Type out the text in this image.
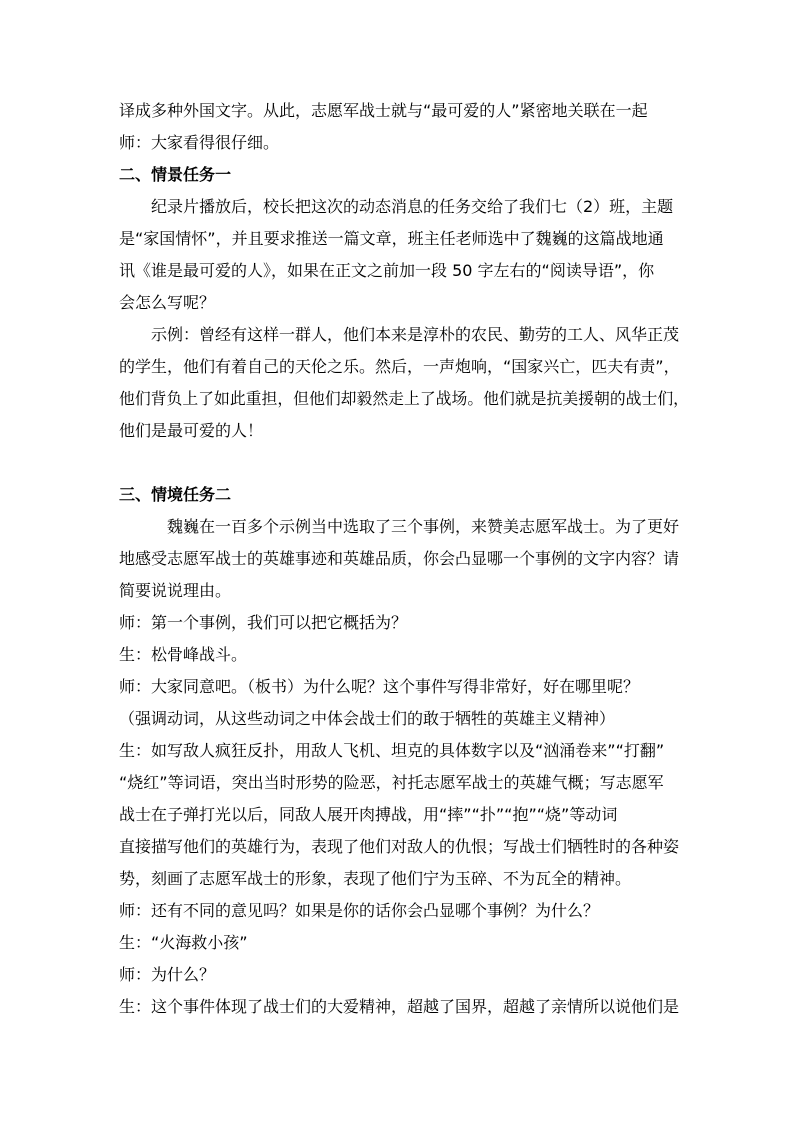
译成多种外国文字。从此，志愿军战士就与“最可爱的人”紧密地关联在一起
师：大家看得很仔细。
二、情景任务一
纪录片播放后，校长把这次的动态消息的任务交给了我们七（2）班，主题
是“家国情怀”，并且要求推送一篇文章，班主任老师选中了魏巍的这篇战地通
讯《谁是最可爱的人》，如果在正文之前加一段 50 字左右的“阅读导语”，你
会怎么写呢？
示例：曾经有这样一群人，他们本来是淳朴的农民、勤劳的工人、风华正茂
的学生，他们有着自己的天伦之乐。然后，一声炮响，“国家兴亡，匹夫有责”，
他们背负上了如此重担，但他们却毅然走上了战场。他们就是抗美援朝的战士们，
他们是最可爱的人！
三、情境任务二
魏巍在一百多个示例当中选取了三个事例，来赞美志愿军战士。为了更好
地感受志愿军战士的英雄事迹和英雄品质，你会凸显哪一个事例的文字内容？请
简要说说理由。
师：第一个事例，我们可以把它概括为？
生：松骨峰战斗。
师：大家同意吧。（板书）为什么呢？这个事件写得非常好，好在哪里呢？
（强调动词，从这些动词之中体会战士们的敢于牺牲的英雄主义精神）
生：如写敌人疯狂反扑，用敌人飞机、坦克的具体数字以及“汹涌卷来”“打翻”
“烧红”等词语，突出当时形势的险恶，衬托志愿军战士的英雄气概；写志愿军
战士在子弹打光以后，同敌人展开肉搏战，用“摔”“扑”“抱”“烧”等动词
直接描写他们的英雄行为，表现了他们对敌人的仇恨；写战士们牺牲时的各种姿
势，刻画了志愿军战士的形象，表现了他们宁为玉碎、不为瓦全的精神。
师：还有不同的意见吗？如果是你的话你会凸显哪个事例？为什么？
生：“火海救小孩”
师：为什么？
生：这个事件体现了战士们的大爱精神，超越了国界，超越了亲情所以说他们是
